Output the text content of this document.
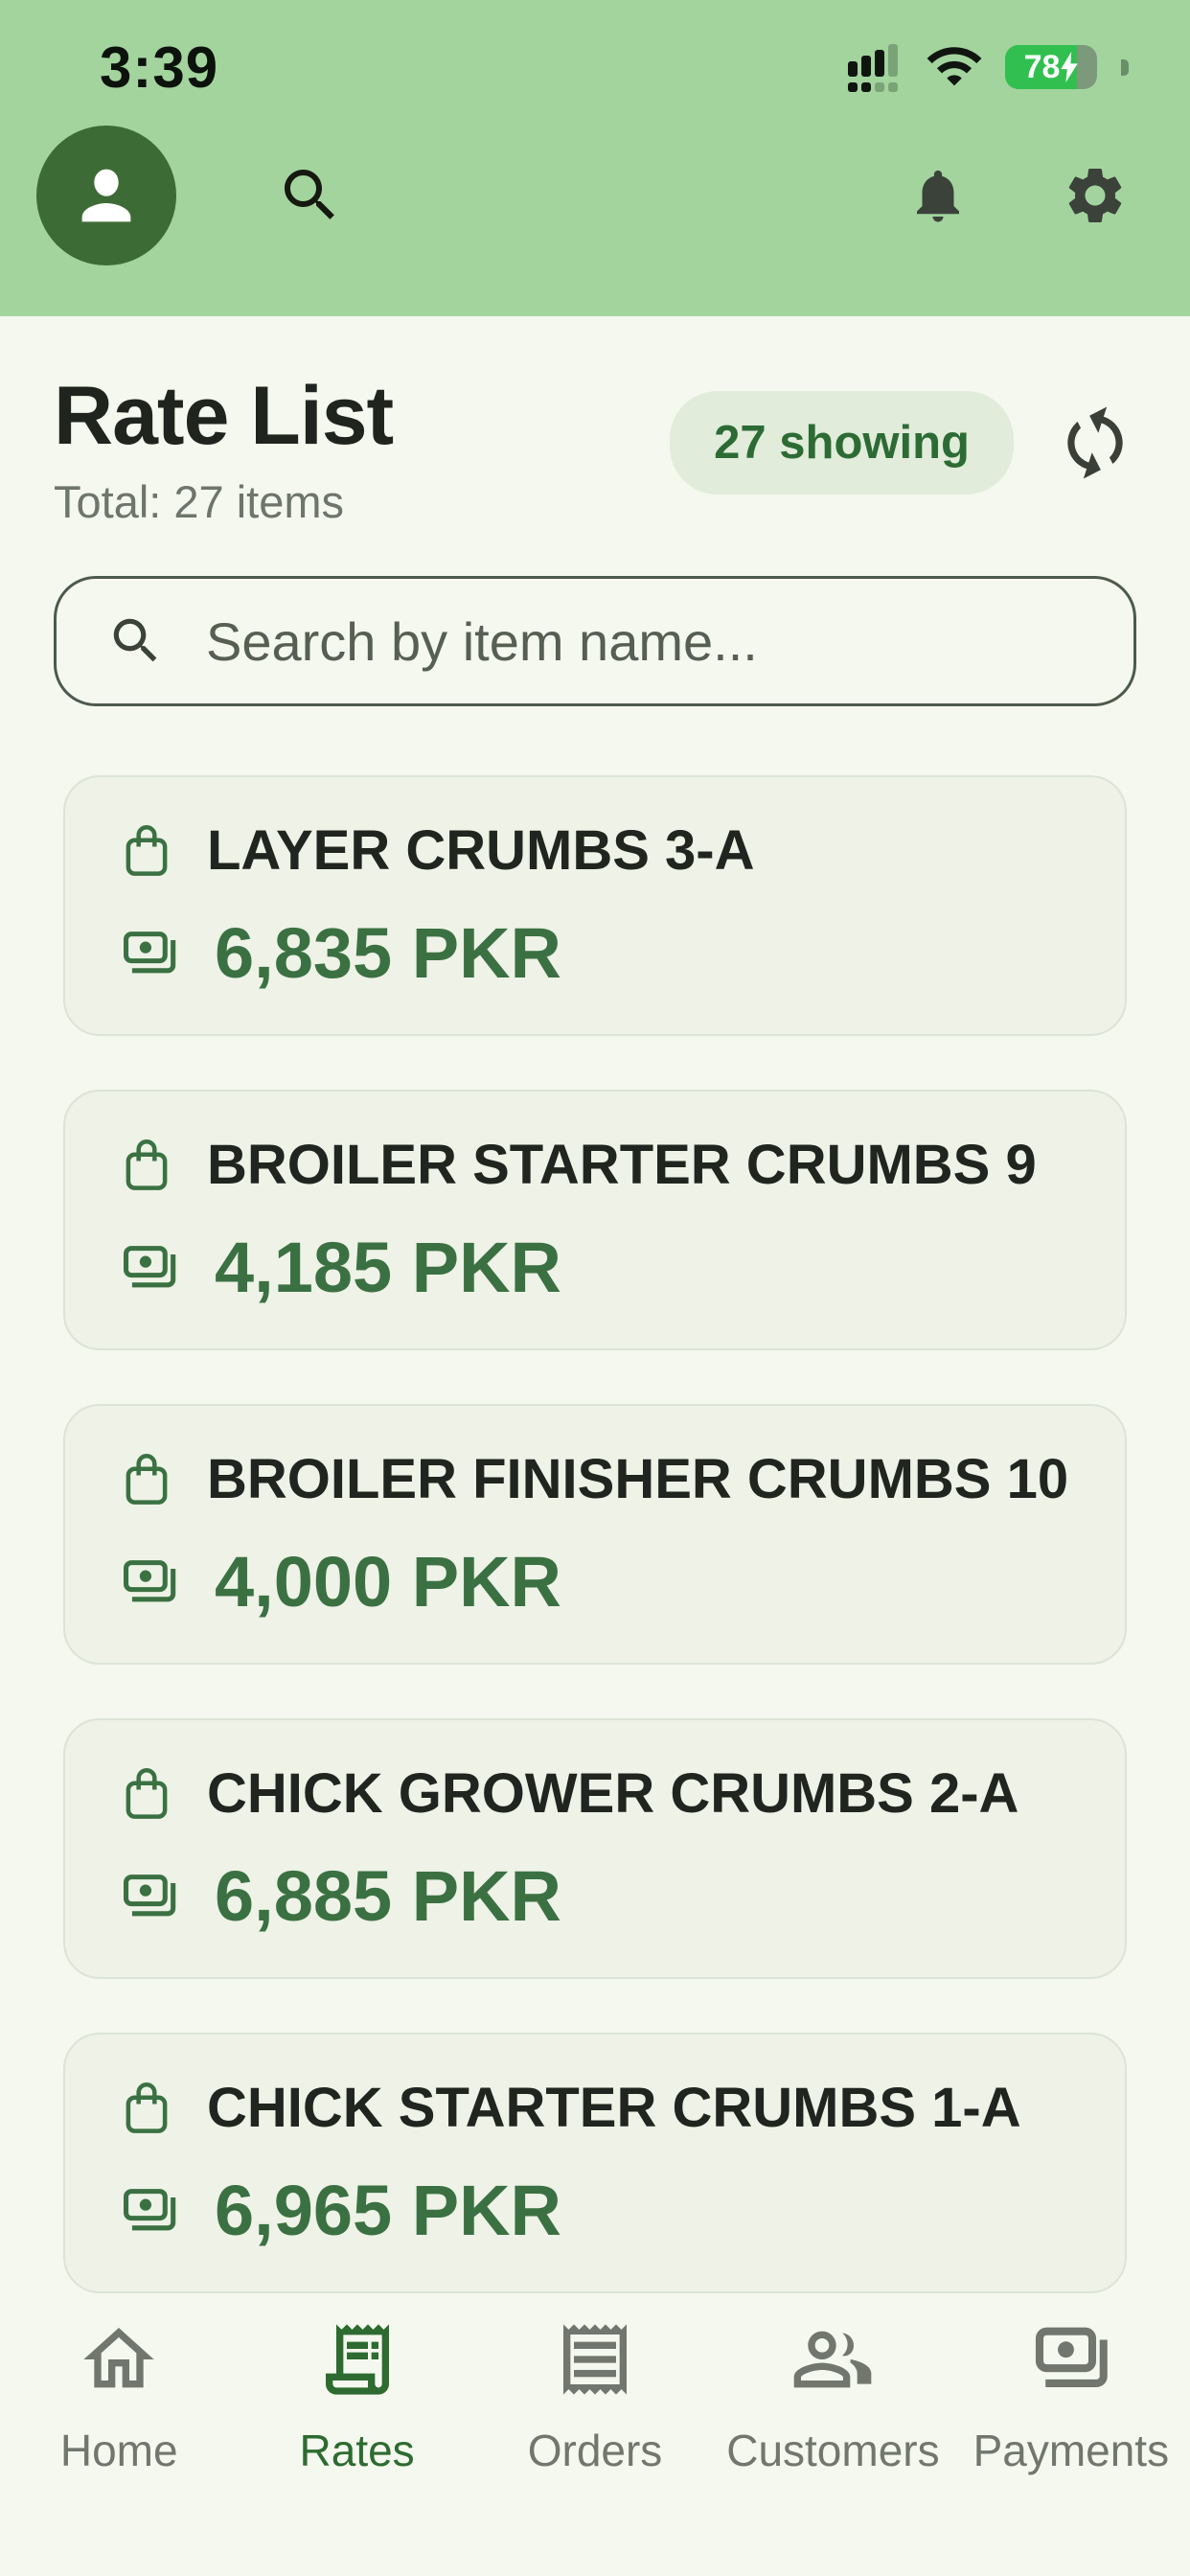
3:39	78
Rate List
Total: 27 items
27 showing
Search by item name...
LAYER CRUMBS 3-A
6,835 PKR
BROILER STARTER CRUMBS 9
4,185 PKR
BROILER FINISHER CRUMBS 10
4,000 PKR
CHICK GROWER CRUMBS 2-A
6,885 PKR
CHICK STARTER CRUMBS 1-A
6,965 PKR
Home	Rates	Orders Customers Payments
